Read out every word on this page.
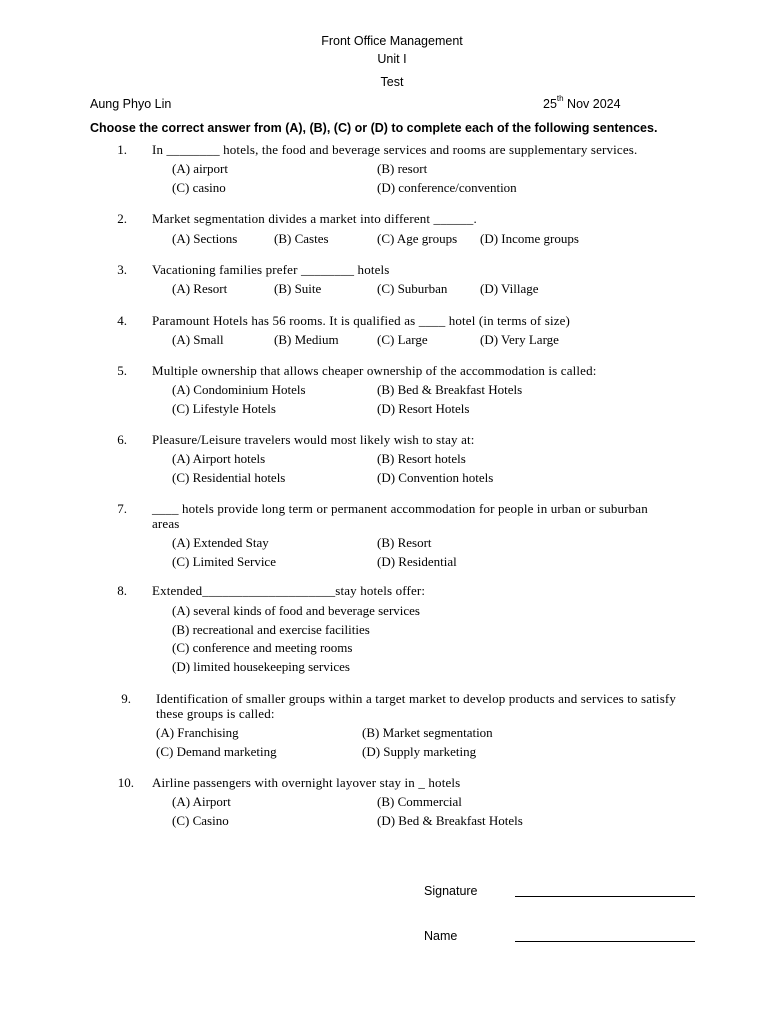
Front Office Management
Unit I
Test
Aung Phyo Lin	25th Nov 2024
Choose the correct answer from (A), (B), (C) or (D) to complete each of the following sentences.
1. In ________ hotels, the food and beverage services and rooms are supplementary services.
(A) airport	(B) resort
(C) casino	(D) conference/convention
2. Market segmentation divides a market into different ______.
(A) Sections	(B) Castes	(C) Age groups (D) Income groups
3. Vacationing families prefer ________ hotels
(A) Resort	(B) Suite	(C) Suburban	(D) Village
4. Paramount Hotels has 56 rooms. It is qualified as ____ hotel (in terms of size)
(A) Small	(B) Medium	(C) Large	(D) Very Large
5. Multiple ownership that allows cheaper ownership of the accommodation is called:
(A) Condominium Hotels	(B) Bed & Breakfast Hotels
(C) Lifestyle Hotels	(D) Resort Hotels
6. Pleasure/Leisure travelers would most likely wish to stay at:
(A) Airport hotels	(B) Resort hotels
(C) Residential hotels	(D) Convention hotels
7. ____ hotels provide long term or permanent accommodation for people in urban or suburban
areas
(A) Extended Stay	(B) Resort
(C) Limited Service	(D) Residential
8. Extended____________________stay hotels offer:
(A) several kinds of food and beverage services
(B) recreational and exercise facilities
(C) conference and meeting rooms
(D) limited housekeeping services
9. Identification of smaller groups within a target market to develop products and services to satisfy
these groups is called:
(A) Franchising	(B) Market segmentation
(C) Demand marketing	(D) Supply marketing
10. Airline passengers with overnight layover stay in _ hotels
(A) Airport	(B) Commercial
(C) Casino	(D) Bed & Breakfast Hotels
Signature
Name
